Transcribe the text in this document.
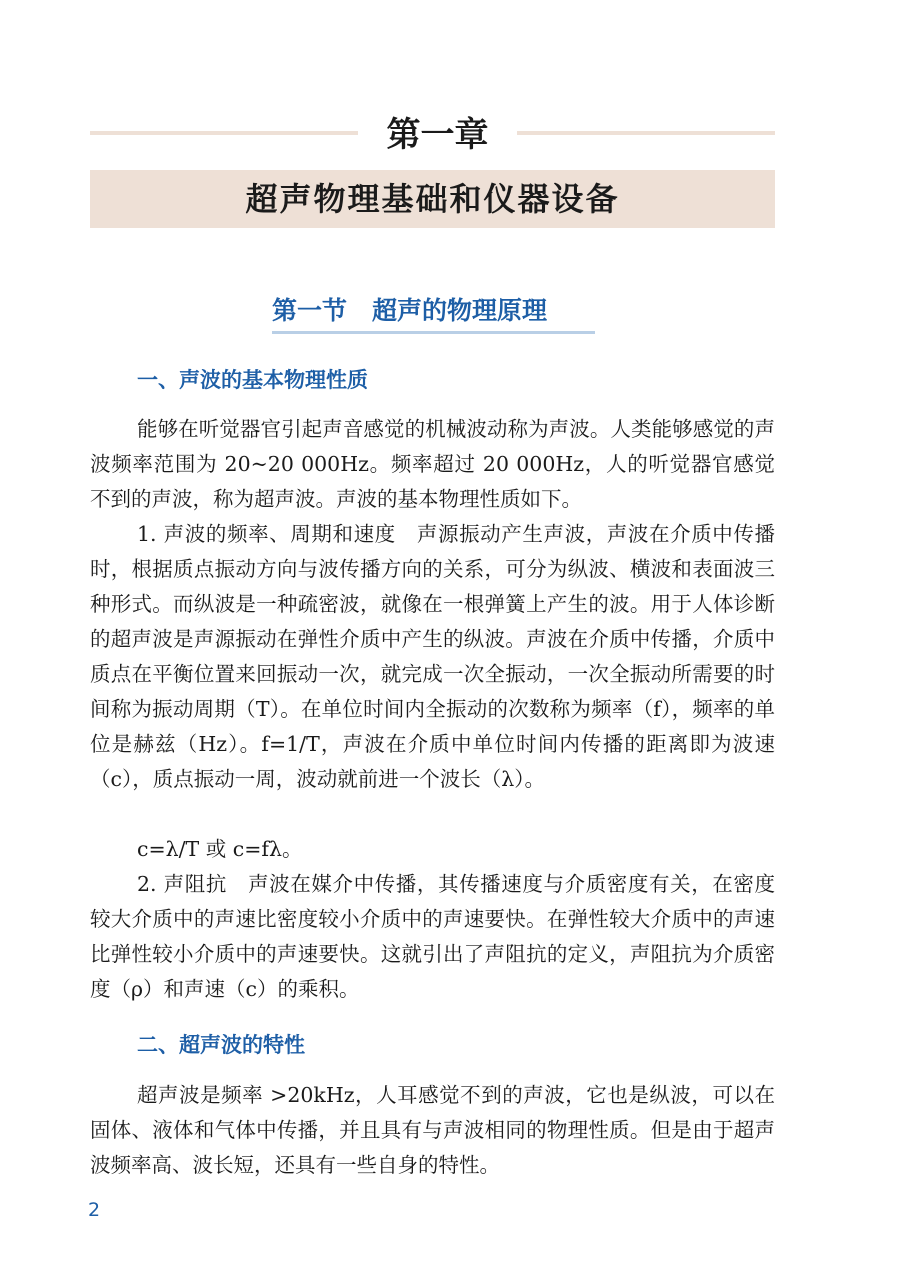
第一章
超声物理基础和仪器设备
第一节　超声的物理原理
一、声波的基本物理性质

能够在听觉器官引起声音感觉的机械波动称为声波。人类能够感觉的声波频率范围为 20~20 000Hz。频率超过 20 000Hz，人的听觉器官感觉不到的声波，称为超声波。声波的基本物理性质如下。

1. 声波的频率、周期和速度　声源振动产生声波，声波在介质中传播时，根据质点振动方向与波传播方向的关系，可分为纵波、横波和表面波三种形式。而纵波是一种疏密波，就像在一根弹簧上产生的波。用于人体诊断的超声波是声源振动在弹性介质中产生的纵波。声波在介质中传播，介质中质点在平衡位置来回振动一次，就完成一次全振动，一次全振动所需要的时间称为振动周期（T）。在单位时间内全振动的次数称为频率（f），频率的单位是赫兹（Hz）。f=1/T，声波在介质中单位时间内传播的距离即为波速（c），质点振动一周，波动就前进一个波长（λ）。

c=λ/T 或 c=fλ。

2. 声阻抗　声波在媒介中传播，其传播速度与介质密度有关，在密度较大介质中的声速比密度较小介质中的声速要快。在弹性较大介质中的声速比弹性较小介质中的声速要快。这就引出了声阻抗的定义，声阻抗为介质密度（ρ）和声速（c）的乘积。

二、超声波的特性

超声波是频率 >20kHz，人耳感觉不到的声波，它也是纵波，可以在固体、液体和气体中传播，并且具有与声波相同的物理性质。但是由于超声波频率高、波长短，还具有一些自身的特性。

2
